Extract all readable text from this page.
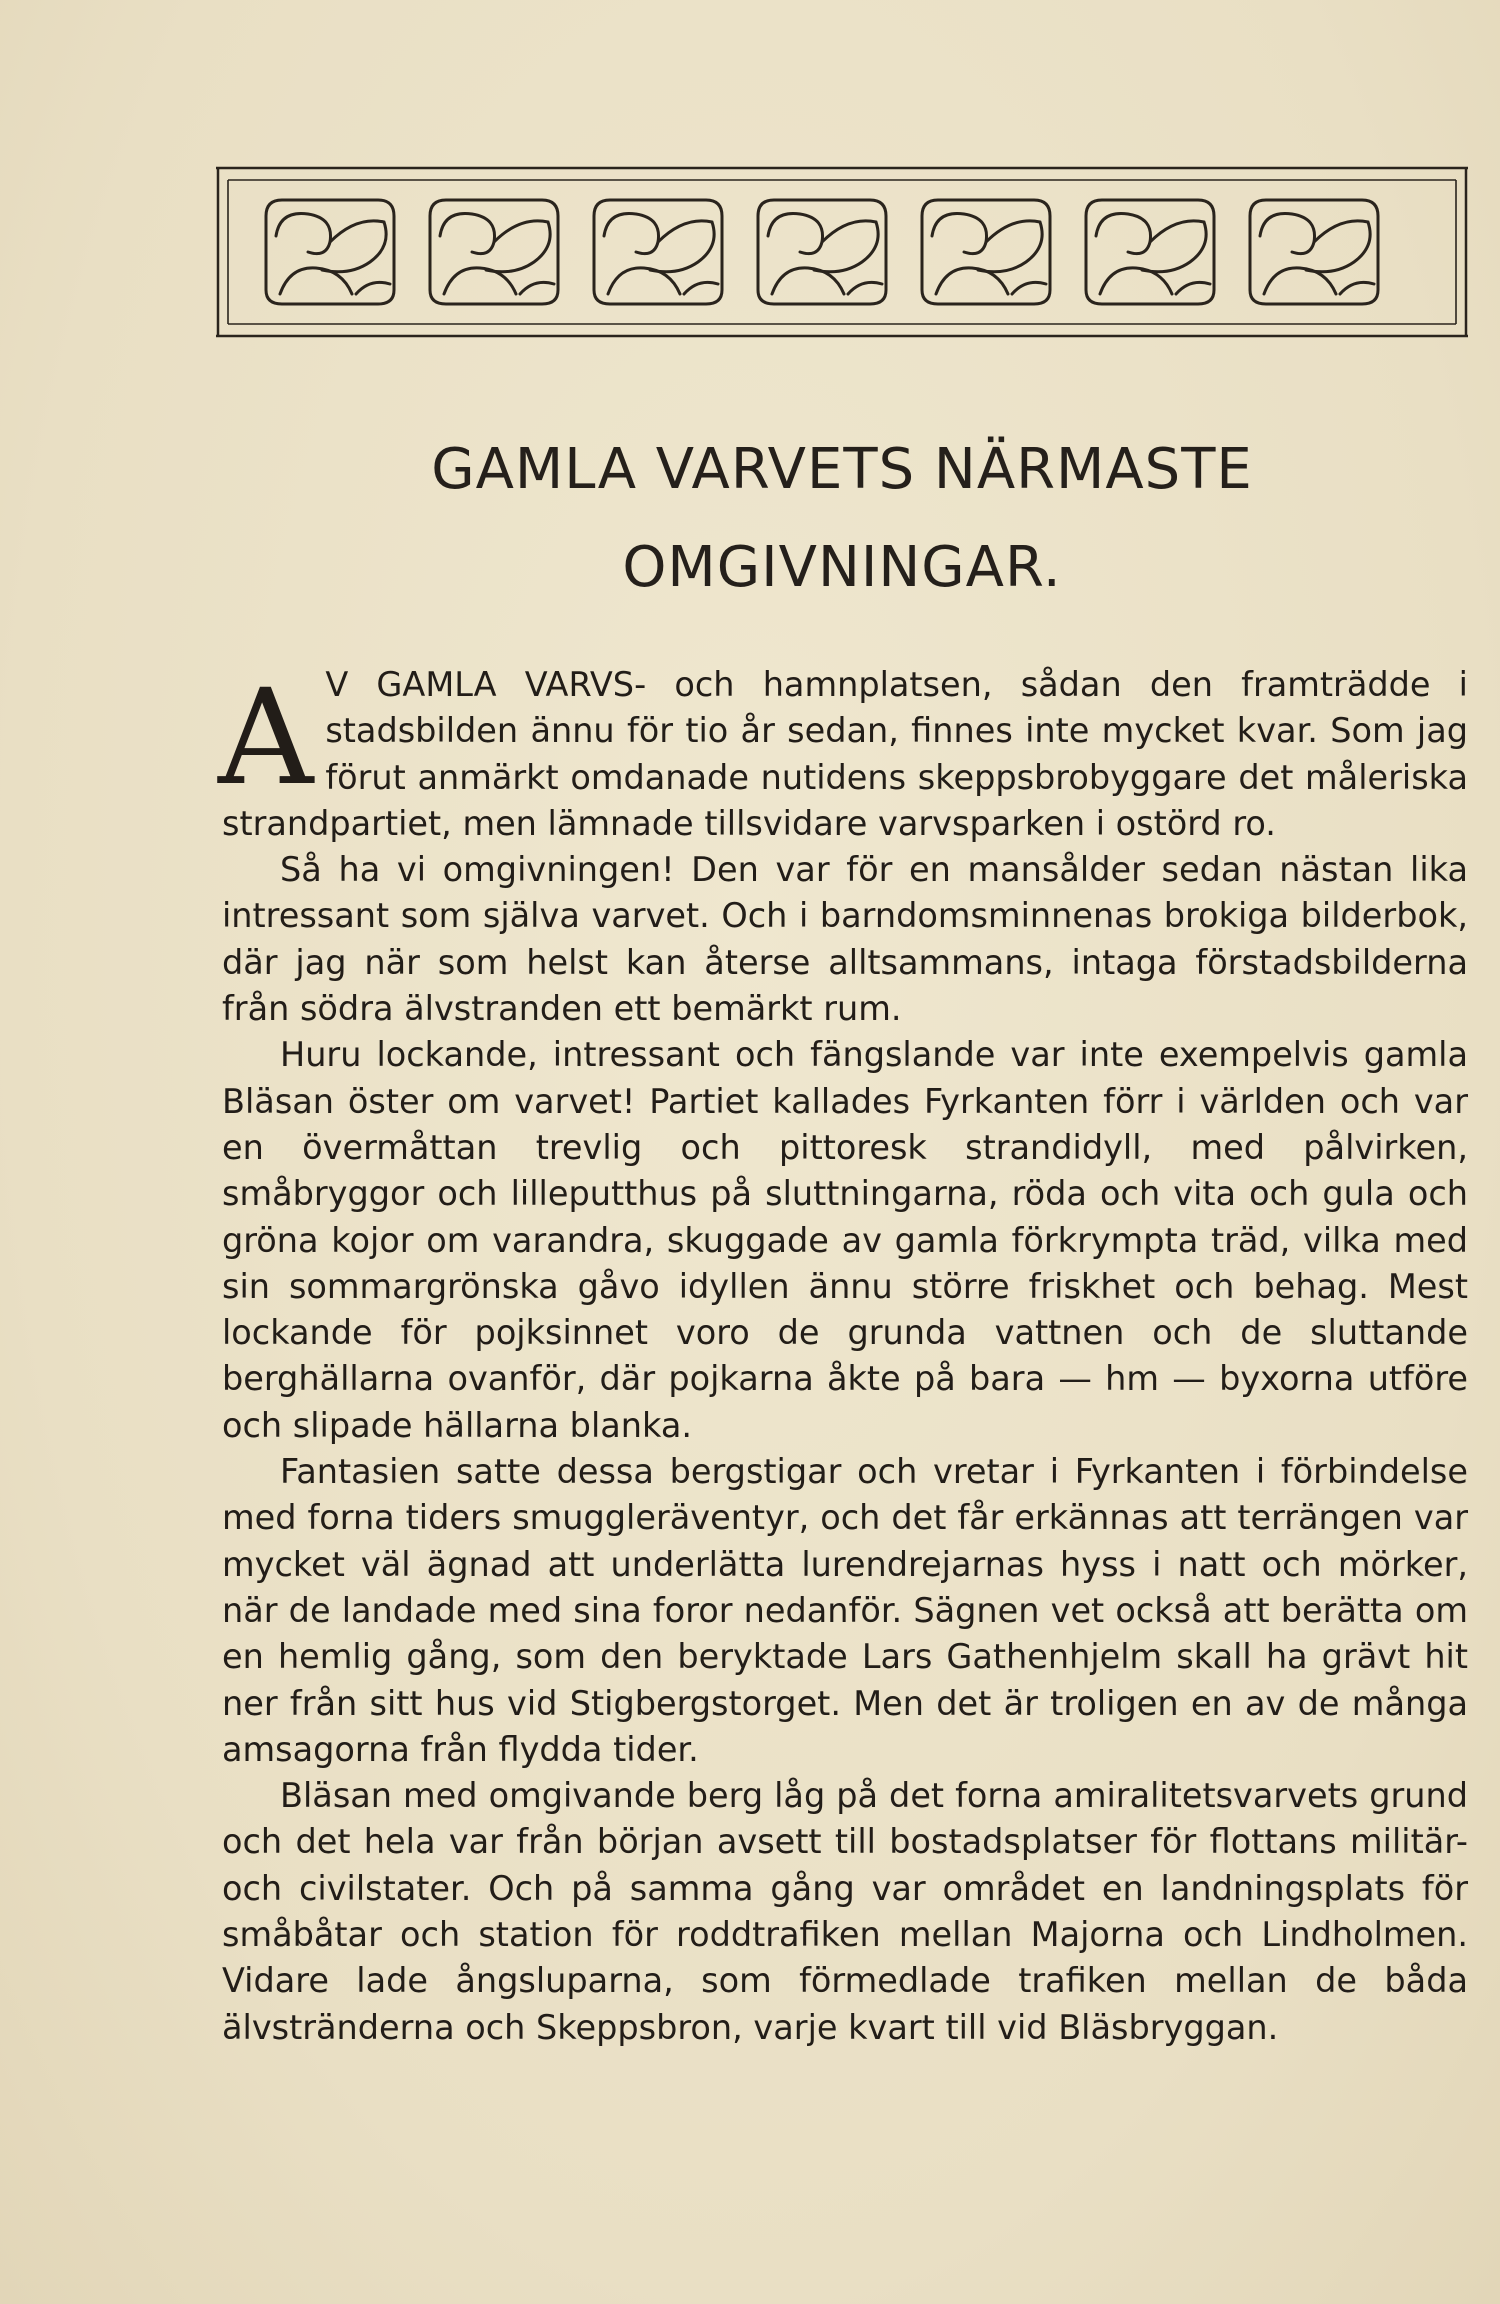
GAMLA VARVETS NÄRMASTE
OMGIVNINGAR.

A V GAMLA VARVS- och hamnplatsen, sådan den framträdde i stadsbilden ännu för tio år sedan, finnes inte mycket kvar. Som jag förut anmärkt omdanade nutidens skeppsbrobyggare det måleriska strandpartiet, men lämnade tillsvidare varvsparken i ostörd ro.

Så ha vi omgivningen! Den var för en mansålder sedan nästan lika intressant som själva varvet. Och i barndomsminnenas brokiga bilderbok, där jag när som helst kan återse alltsammans, intaga förstadsbilderna från södra älvstranden ett bemärkt rum.

Huru lockande, intressant och fängslande var inte exempelvis gamla Bläsan öster om varvet! Partiet kallades Fyrkanten förr i världen och var en övermåttan trevlig och pittoresk strandidyll, med pålvirken, småbryggor och lilleputthus på sluttningarna, röda och vita och gula och gröna kojor om varandra, skuggade av gamla förkrympta träd, vilka med sin sommargrönska gåvo idyllen ännu större friskhet och behag. Mest lockande för pojksinnet voro de grunda vattnen och de sluttande berghällarna ovanför, där pojkarna åkte på bara — hm — byxorna utföre och slipade hällarna blanka.

Fantasien satte dessa bergstigar och vretar i Fyrkanten i förbindelse med forna tiders smuggleräventyr, och det får erkännas att terrängen var mycket väl ägnad att underlätta lurendrejarnas hyss i natt och mörker, när de landade med sina foror nedanför. Sägnen vet också att berätta om en hemlig gång, som den beryktade Lars Gathenhjelm skall ha grävt hit ner från sitt hus vid Stigbergstorget. Men det är troligen en av de många amsagorna från flydda tider.

Bläsan med omgivande berg låg på det forna amiralitetsvarvets grund och det hela var från början avsett till bostadsplatser för flottans militär- och civilstater. Och på samma gång var området en landningsplats för småbåtar och station för roddtrafiken mellan Majorna och Lindholmen. Vidare lade ångsluparna, som förmedlade trafiken mellan de båda älvstränderna och Skeppsbron, varje kvart till vid Bläsbryggan.
